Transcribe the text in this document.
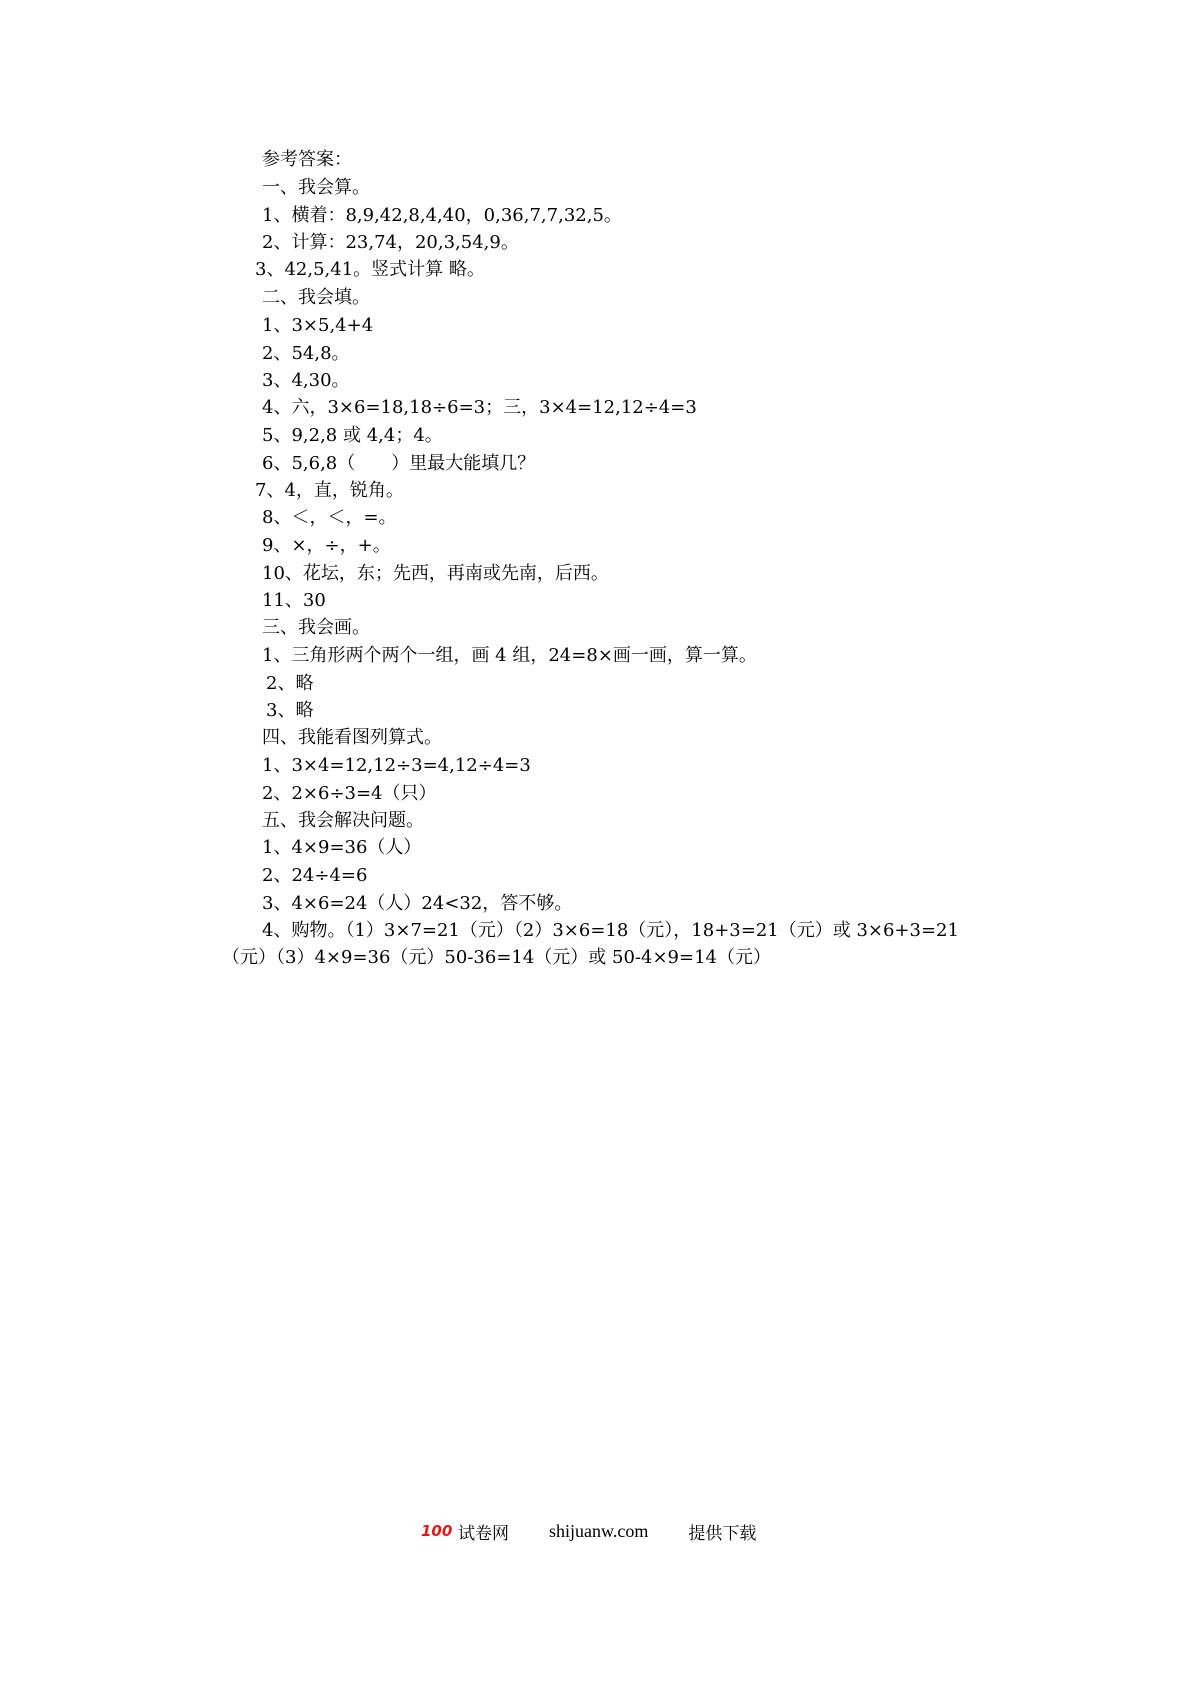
参考答案：
一、我会算。
1、横着：8,9,42,8,4,40，0,36,7,7,32,5。
2、计算：23,74，20,3,54,9。
3、42,5,41。竖式计算 略。
二、我会填。
1、3×5,4+4
2、54,8。
3、4,30。
4、六，3×6=18,18÷6=3；三，3×4=12,12÷4=3
5、9,2,8 或 4,4；4。
6、5,6,8（　　）里最大能填几？
7、4，直，锐角。
8、＜，＜，=。
9、×，÷，+。
10、花坛，东；先西，再南或先南，后西。
11、30
三、我会画。
1、三角形两个两个一组，画 4 组，24=8×画一画，算一算。
2、略
3、略
四、我能看图列算式。
1、3×4=12,12÷3=4,12÷4=3
2、2×6÷3=4（只）
五、我会解决问题。
1、4×9=36（人）
2、24÷4=6
3、4×6=24（人）24<32，答不够。
4、购物。（1）3×7=21（元）（2）3×6=18（元），18+3=21（元）或 3×6+3=21
（元）（3）4×9=36（元）50-36=14（元）或 50-4×9=14（元）
100 试卷网 shijuanw.com 提供下载
